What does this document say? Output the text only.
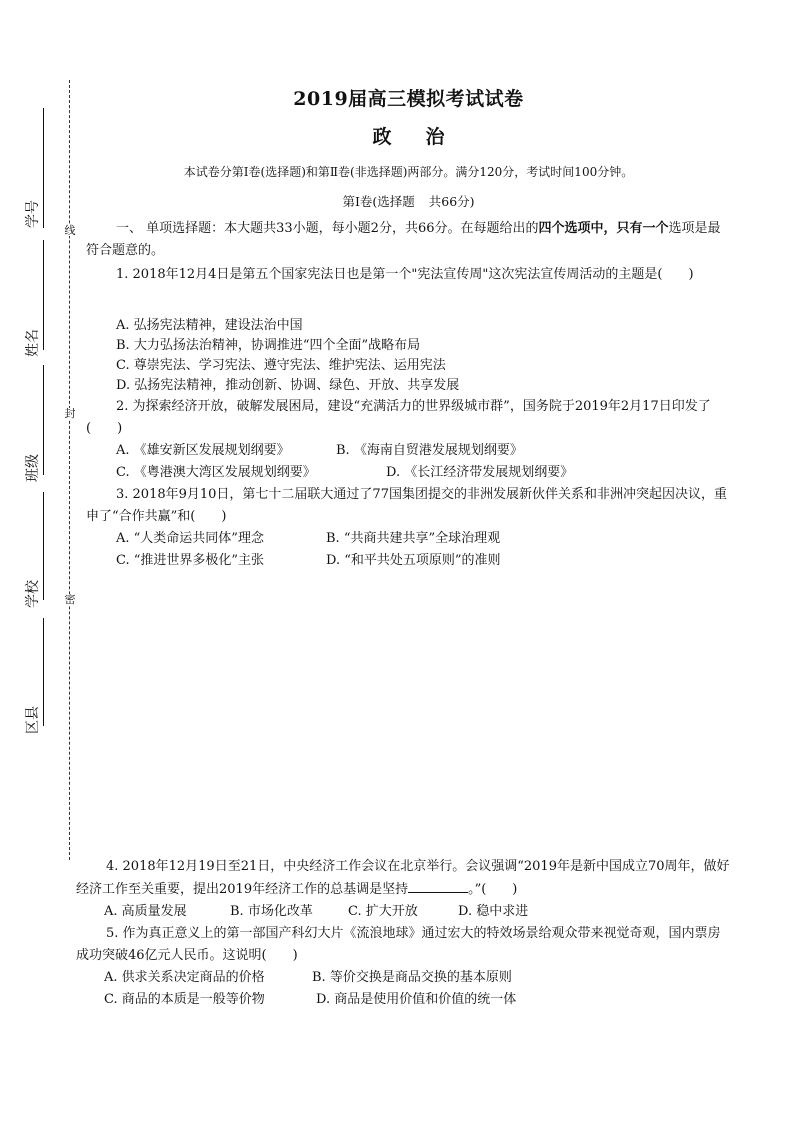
线
封
密
学号
姓名
班级
学校
区县
2019届高三模拟考试试卷
政治
本试卷分第Ⅰ卷(选择题)和第Ⅱ卷(非选择题)两部分。满分120分，考试时间100分钟。
第Ⅰ卷(选择题 共66分)

一、 单项选择题：本大题共33小题，每小题2分，共66分。在每题给出的四个选项中，只有一个选项是最符合题意的。

1. 2018年12月4日是第五个国家宪法日也是第一个"宪法宣传周"这次宪法宣传周活动的主题是(　　)

A. 弘扬宪法精神，建设法治中国

B. 大力弘扬法治精神，协调推进“四个全面”战略布局

C. 尊崇宪法、学习宪法、遵守宪法、维护宪法、运用宪法

D. 弘扬宪法精神，推动创新、协调、绿色、开放、共享发展

2. 为探索经济开放，破解发展困局，建设“充满活力的世界级城市群”，国务院于2019年2月17日印发了(　　)

A. 《雄安新区发展规划纲要》	B. 《海南自贸港发展规划纲要》
C. 《粤港澳大湾区发展规划纲要》	D. 《长江经济带发展规划纲要》

3. 2018年9月10日，第七十二届联大通过了77国集团提交的非洲发展新伙伴关系和非洲冲突起因决议，重申了“合作共赢”和(　　)

A. “人类命运共同体”理念	B. “共商共建共享”全球治理观
C. “推进世界多极化”主张	D. “和平共处五项原则”的准则

4. 2018年12月19日至21日，中央经济工作会议在北京举行。会议强调“2019年是新中国成立70周年，做好经济工作至关重要，提出2019年经济工作的总基调是坚持	。”(　　)

A. 高质量发展	B. 市场化改革	C. 扩大开放	D. 稳中求进

5. 作为真正意义上的第一部国产科幻大片《流浪地球》通过宏大的特效场景给观众带来视觉奇观，国内票房成功突破46亿元人民币。这说明(　　)

A. 供求关系决定商品的价格	B. 等价交换是商品交换的基本原则
C. 商品的本质是一般等价物	D. 商品是使用价值和价值的统一体
